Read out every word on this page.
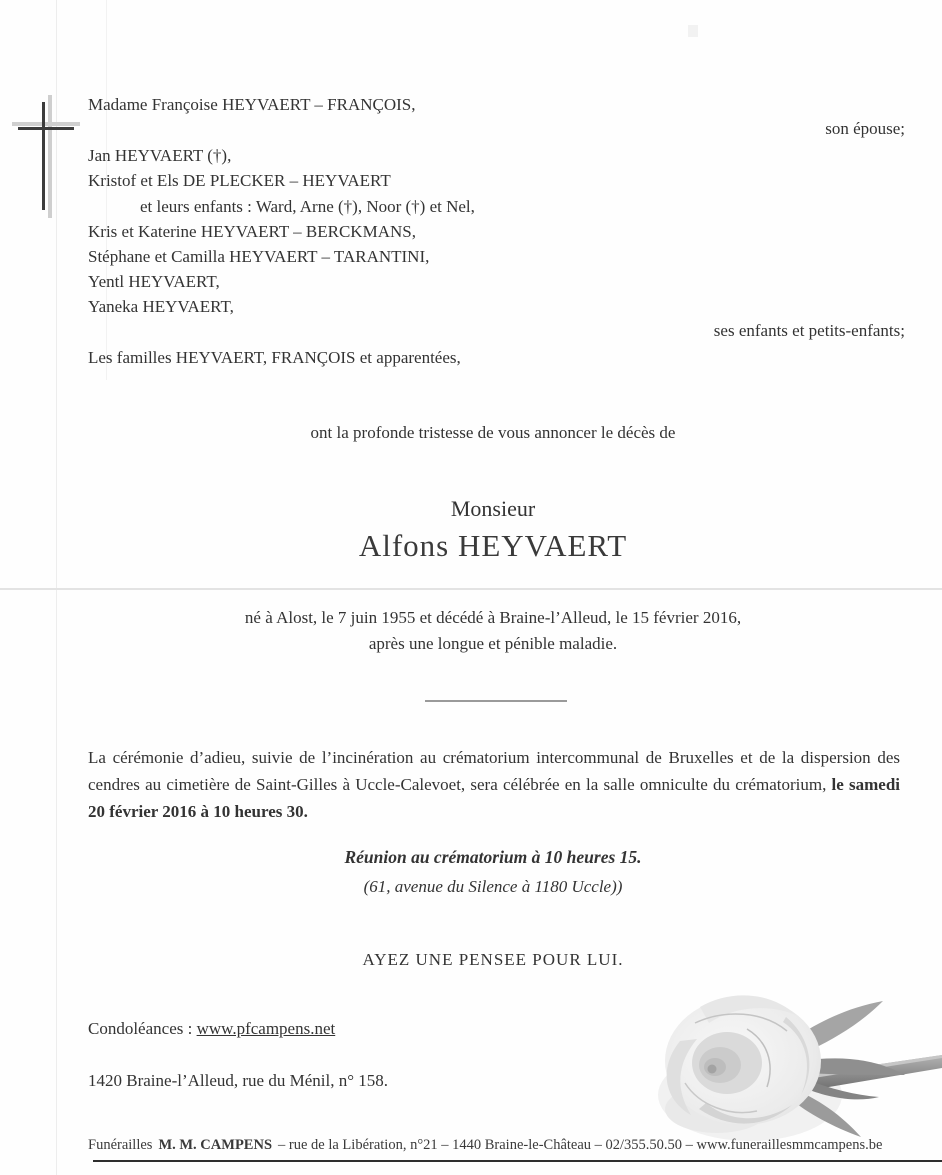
Madame Françoise HEYVAERT – FRANÇOIS,
son épouse;
Jan HEYVAERT (†),
Kristof et Els DE PLECKER – HEYVAERT
et leurs enfants : Ward, Arne (†), Noor (†) et Nel,
Kris et Katerine HEYVAERT – BERCKMANS,
Stéphane et Camilla HEYVAERT – TARANTINI,
Yentl HEYVAERT,
Yaneka HEYVAERT,
ses enfants et petits-enfants;
Les familles HEYVAERT, FRANÇOIS et apparentées,
ont la profonde tristesse de vous annoncer le décès de
Monsieur
Alfons HEYVAERT
né à Alost, le 7 juin 1955 et décédé à Braine-l’Alleud, le 15 février 2016,
après une longue et pénible maladie.

La cérémonie d’adieu, suivie de l’incinération au crématorium intercommunal de Bruxelles et de la dispersion des cendres au cimetière de Saint-Gilles à Uccle-Calevoet, sera célébrée en la salle omniculte du crématorium, le samedi 20 février 2016 à 10 heures 30.

Réunion au crématorium à 10 heures 15.
(61, avenue du Silence à 1180 Uccle))
AYEZ UNE PENSEE POUR LUI.
Condoléances : www.pfcampens.net
1420 Braine-l’Alleud, rue du Ménil, n° 158.
Funérailles M. M. CAMPENS – rue de la Libération, n°21 – 1440 Braine-le-Château – 02/355.50.50 – www.funeraillesmmcampens.be
